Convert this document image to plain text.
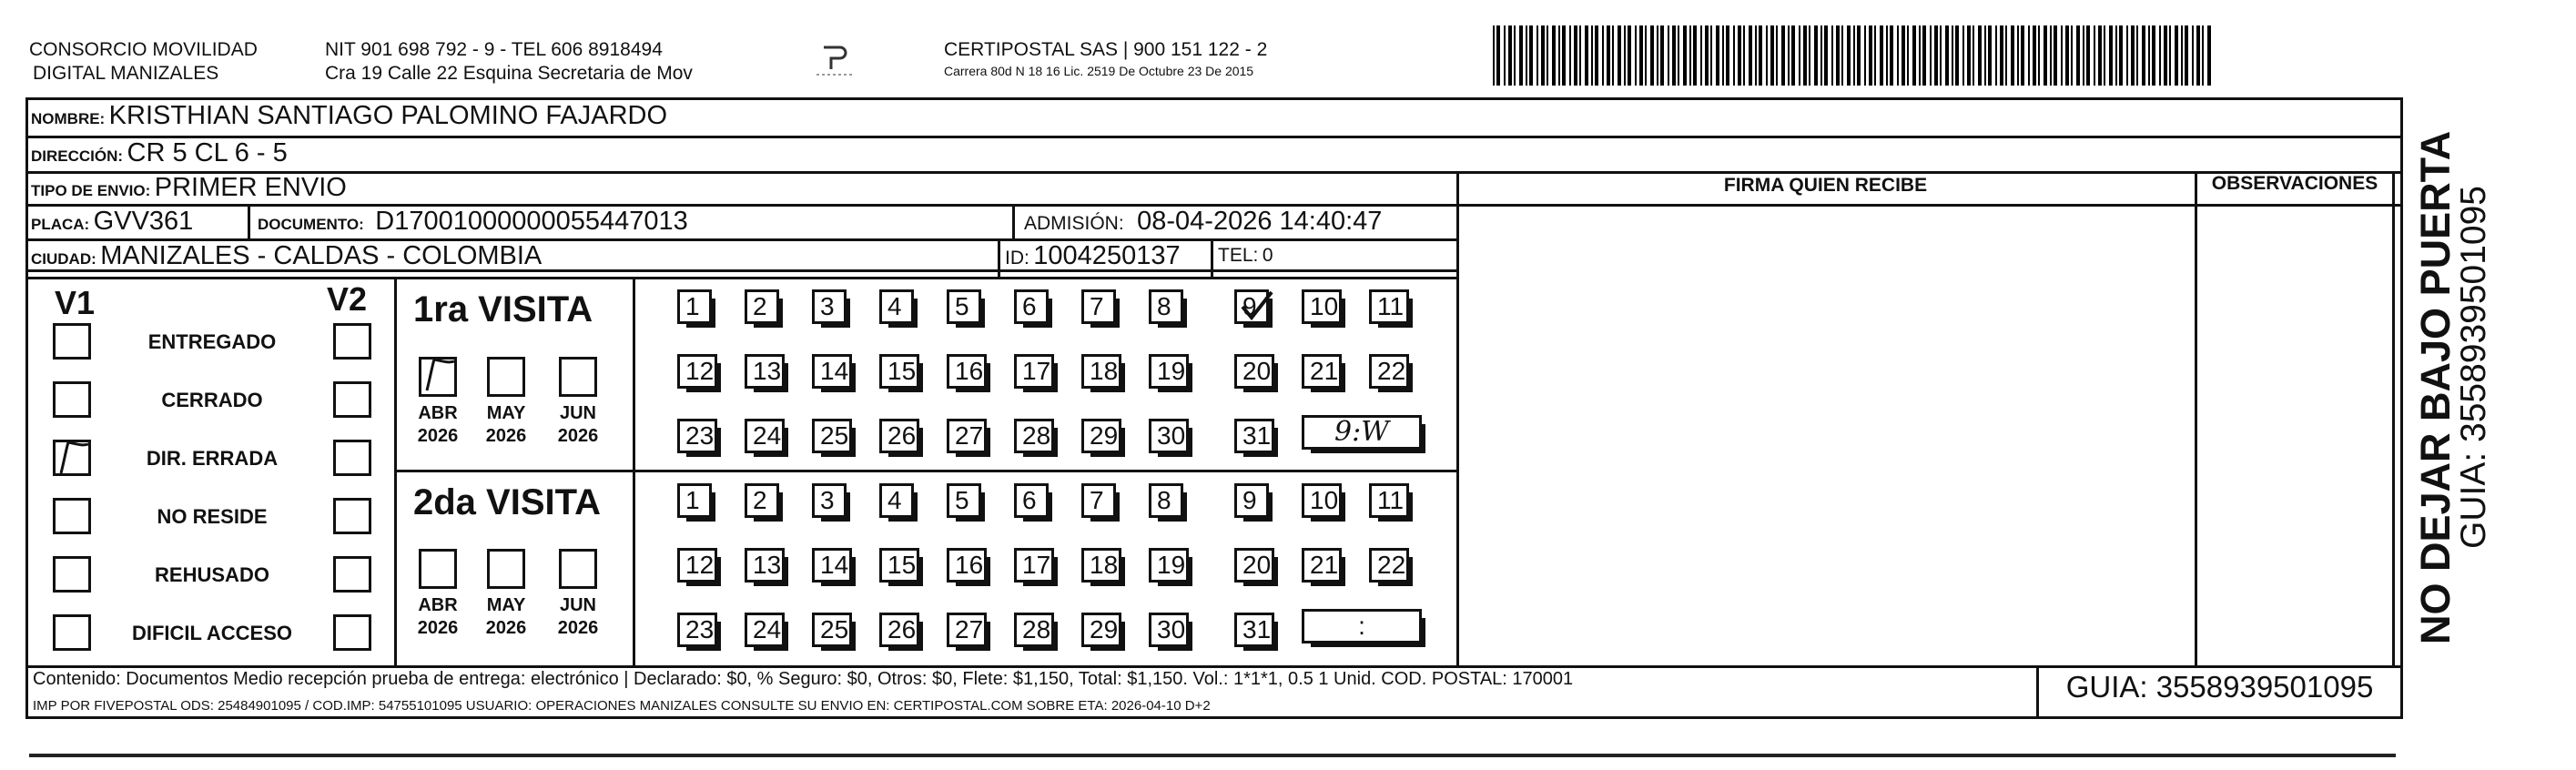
CONSORCIO MOVILIDAD
DIGITAL MANIZALES
NIT 901 698 792 - 9 - TEL 606 8918494
Cra 19 Calle 22 Esquina Secretaria de Mov
CERTIPOSTAL SAS | 900 151 122 - 2
Carrera 80d N 18 16 Lic. 2519 De Octubre 23 De 2015
NOMBRE: KRISTHIAN SANTIAGO PALOMINO FAJARDO
DIRECCIÓN: CR 5 CL 6 - 5
TIPO DE ENVIO: PRIMER ENVIO
PLACA: GVV361	DOCUMENTO: D17001000000055447013	ADMISIÓN: 08-04-2026 14:40:47
CIUDAD: MANIZALES - CALDAS - COLOMBIA	ID: 1004250137 TEL: 0
FIRMA QUIEN RECIBE	OBSERVACIONES
V1	V2
ENTREGADO
CERRADO
DIR. ERRADA
NO RESIDE
REHUSADO
DIFICIL ACCESO
1ra VISITA
2da VISITA
ABR
2026
MAY
2026
JUN
2026
ABR
2026
MAY
2026
JUN
2026
1	2	3	4	5	6	7	8	9	10	11
12	13	14	15	16	17	18	19	20	21	22
23	24	25	26	27	28	29	30	31
1	2	3	4	5	6	7	8	9	10	11
12	13	14	15	16	17	18	19	20	21	22
23	24	25	26	27	28	29	30	31
9:W
:
Contenido: Documentos Medio recepción prueba de entrega: electrónico | Declarado: $0, % Seguro: $0, Otros: $0, Flete: $1,150, Total: $1,150. Vol.: 1*1*1, 0.5 1 Unid. COD. POSTAL: 170001
IMP POR FIVEPOSTAL ODS: 25484901095 / COD.IMP: 54755101095 USUARIO: OPERACIONES MANIZALES CONSULTE SU ENVIO EN: CERTIPOSTAL.COM SOBRE ETA: 2026-04-10 D+2
GUIA: 3558939501095
NO DEJAR BAJO PUERTA
GUIA: 3558939501095
